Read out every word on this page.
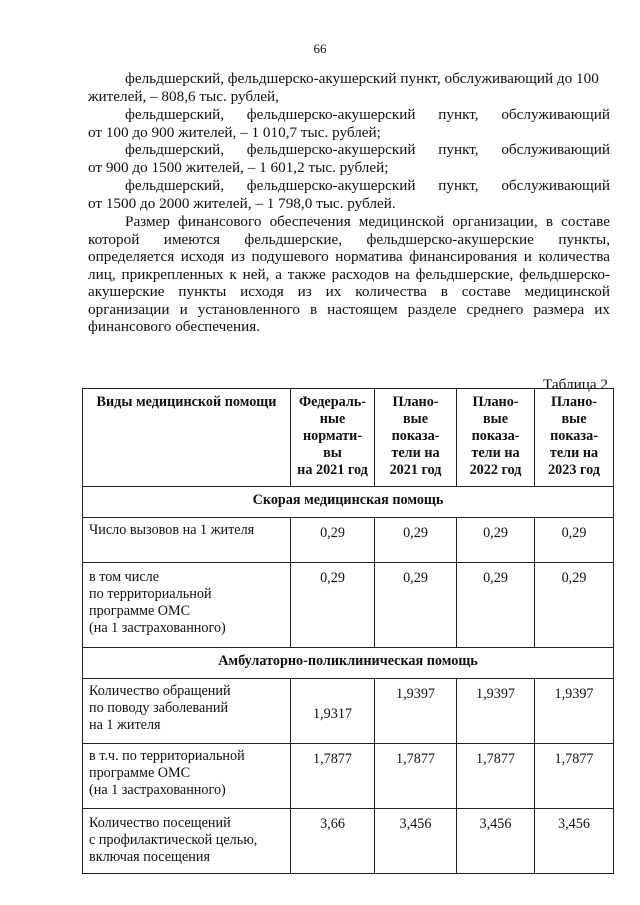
66
фельдшерский, фельдшерско-акушерский пункт, обслуживающий до 100
жителей, – 808,6 тыс. рублей,
фельдшерский, фельдшерско-акушерский пункт, обслуживающий
от 100 до 900 жителей, – 1 010,7 тыс. рублей;
фельдшерский, фельдшерско-акушерский пункт, обслуживающий
от 900 до 1500 жителей, – 1 601,2 тыс. рублей;
фельдшерский, фельдшерско-акушерский пункт, обслуживающий
от 1500 до 2000 жителей, – 1 798,0 тыс. рублей.
Размер финансового обеспечения медицинской организации, в составе
которой имеются фельдшерские, фельдшерско-акушерские пункты,
определяется исходя из подушевого норматива финансирования и количества
лиц, прикрепленных к ней, а также расходов на фельдшерские, фельдшерско-
акушерские пункты исходя из их количества в составе медицинской
организации и установленного в настоящем разделе среднего размера их
финансового обеспечения.
Таблица 2
Виды медицинской помощи	Федераль-
ные
нормати-
вы
на 2021 год	Плано-
вые
показа-
тели на
2021 год	Плано-
вые
показа-
тели на
2022 год	Плано-
вые
показа-
тели на
2023 год
Скорая медицинская помощь				
Число вызовов на 1 жителя	0,29	0,29	0,29	0,29
в том числе
по территориальной
программе ОМС
(на 1 застрахованного)	0,29	0,29	0,29	0,29
Амбулаторно-поликлиническая помощь				
Количество обращений
по поводу заболеваний
на 1 жителя	1,9317	1,9397	1,9397	1,9397
в т.ч. по территориальной
программе ОМС
(на 1 застрахованного)	1,7877	1,7877	1,7877	1,7877
Количество посещений
с профилактической целью,
включая посещения	3,66	3,456	3,456	3,456
